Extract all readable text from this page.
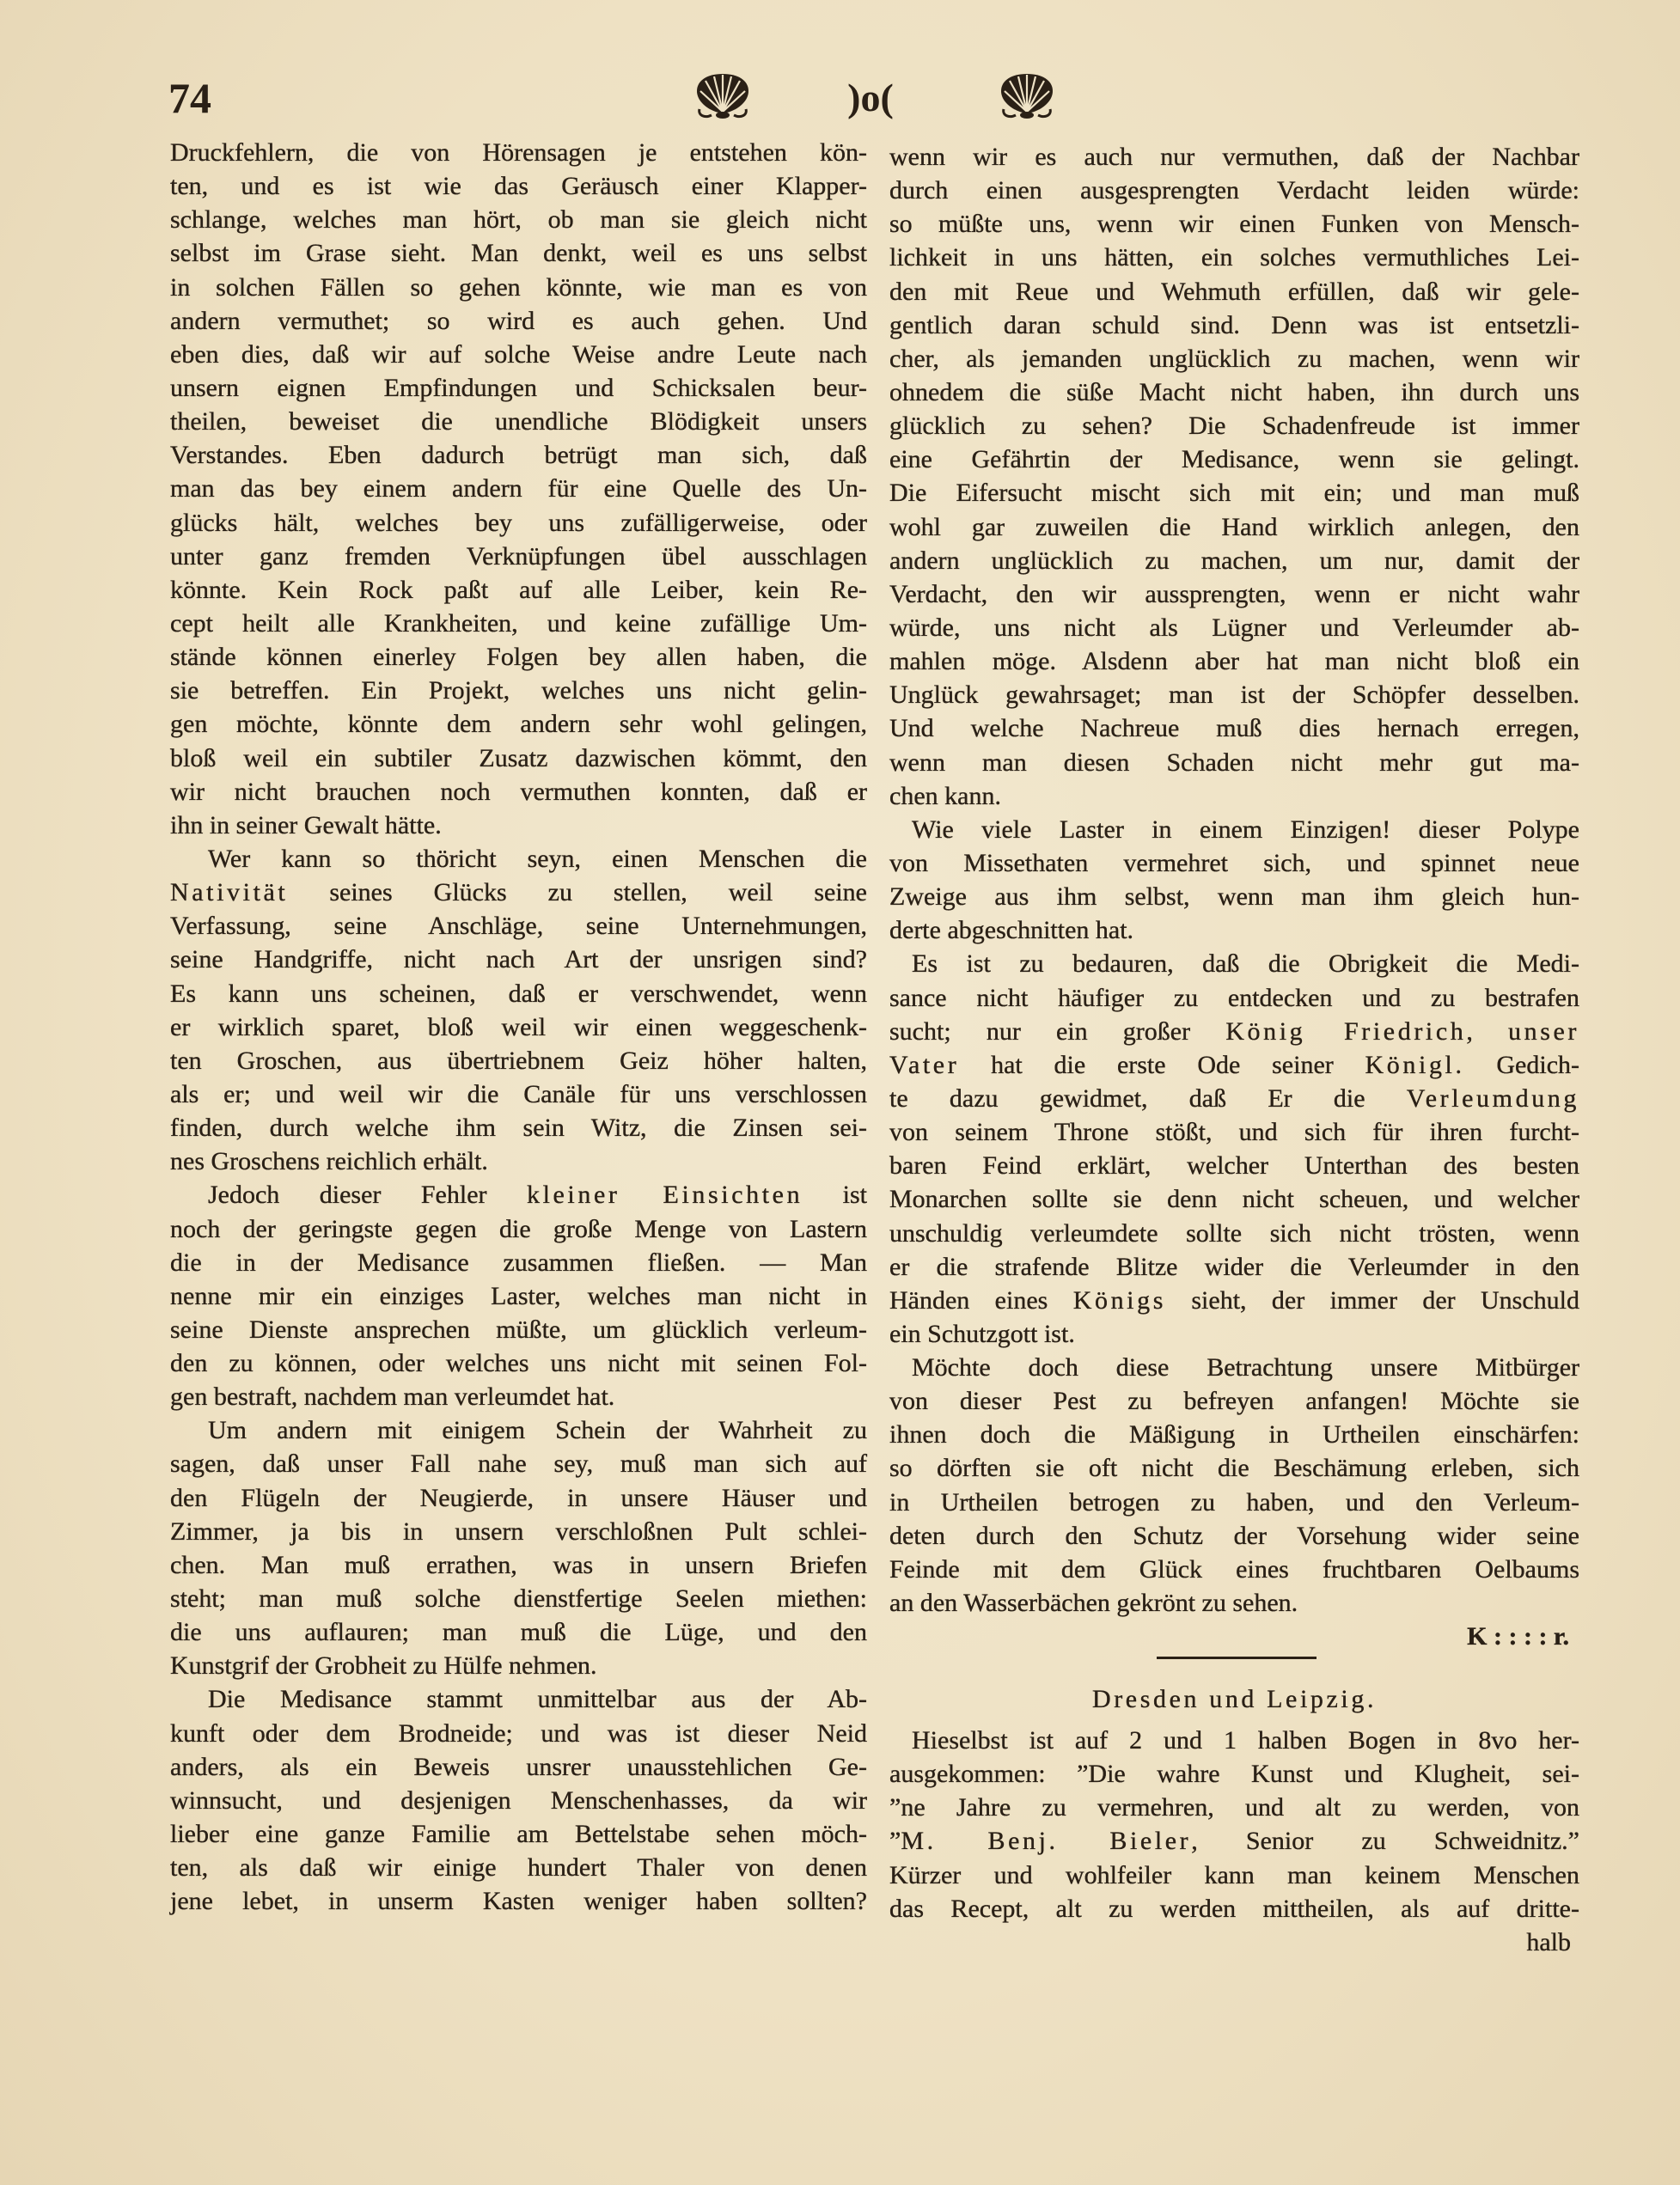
74	)o(
Druckfehlern, die von Hörensagen je entstehen kön-
ten, und es ist wie das Geräusch einer Klapper-
schlange, welches man hört, ob man sie gleich nicht
selbst im Grase sieht. Man denkt, weil es uns selbst
in solchen Fällen so gehen könnte, wie man es von
andern vermuthet; so wird es auch gehen. Und
eben dies, daß wir auf solche Weise andre Leute nach
unsern eignen Empfindungen und Schicksalen beur-
theilen, beweiset die unendliche Blödigkeit unsers
Verstandes. Eben dadurch betrügt man sich, daß
man das bey einem andern für eine Quelle des Un-
glücks hält, welches bey uns zufälligerweise, oder
unter ganz fremden Verknüpfungen übel ausschlagen
könnte. Kein Rock paßt auf alle Leiber, kein Re-
cept heilt alle Krankheiten, und keine zufällige Um-
stände können einerley Folgen bey allen haben, die
sie betreffen. Ein Projekt, welches uns nicht gelin-
gen möchte, könnte dem andern sehr wohl gelingen,
bloß weil ein subtiler Zusatz dazwischen kömmt, den
wir nicht brauchen noch vermuthen konnten, daß er
ihn in seiner Gewalt hätte.
Wer kann so thöricht seyn, einen Menschen die
Nativität seines Glücks zu stellen, weil seine
Verfassung, seine Anschläge, seine Unternehmungen,
seine Handgriffe, nicht nach Art der unsrigen sind?
Es kann uns scheinen, daß er verschwendet, wenn
er wirklich sparet, bloß weil wir einen weggeschenk-
ten Groschen, aus übertriebnem Geiz höher halten,
als er; und weil wir die Canäle für uns verschlossen
finden, durch welche ihm sein Witz, die Zinsen sei-
nes Groschens reichlich erhält.
Jedoch dieser Fehler kleiner Einsichten ist
noch der geringste gegen die große Menge von Lastern
die in der Medisance zusammen fließen. — Man
nenne mir ein einziges Laster, welches man nicht in
seine Dienste ansprechen müßte, um glücklich verleum-
den zu können, oder welches uns nicht mit seinen Fol-
gen bestraft, nachdem man verleumdet hat.
Um andern mit einigem Schein der Wahrheit zu
sagen, daß unser Fall nahe sey, muß man sich auf
den Flügeln der Neugierde, in unsere Häuser und
Zimmer, ja bis in unsern verschloßnen Pult schlei-
chen. Man muß errathen, was in unsern Briefen
steht; man muß solche dienstfertige Seelen miethen:
die uns auflauren; man muß die Lüge, und den
Kunstgrif der Grobheit zu Hülfe nehmen.
Die Medisance stammt unmittelbar aus der Ab-
kunft oder dem Brodneide; und was ist dieser Neid
anders, als ein Beweis unsrer unausstehlichen Ge-
winnsucht, und desjenigen Menschenhasses, da wir
lieber eine ganze Familie am Bettelstabe sehen möch-
ten, als daß wir einige hundert Thaler von denen
jene lebet, in unserm Kasten weniger haben sollten?
wenn wir es auch nur vermuthen, daß der Nachbar
durch einen ausgesprengten Verdacht leiden würde:
so müßte uns, wenn wir einen Funken von Mensch-
lichkeit in uns hätten, ein solches vermuthliches Lei-
den mit Reue und Wehmuth erfüllen, daß wir gele-
gentlich daran schuld sind. Denn was ist entsetzli-
cher, als jemanden unglücklich zu machen, wenn wir
ohnedem die süße Macht nicht haben, ihn durch uns
glücklich zu sehen? Die Schadenfreude ist immer
eine Gefährtin der Medisance, wenn sie gelingt.
Die Eifersucht mischt sich mit ein; und man muß
wohl gar zuweilen die Hand wirklich anlegen, den
andern unglücklich zu machen, um nur, damit der
Verdacht, den wir aussprengten, wenn er nicht wahr
würde, uns nicht als Lügner und Verleumder ab-
mahlen möge. Alsdenn aber hat man nicht bloß ein
Unglück gewahrsaget; man ist der Schöpfer desselben.
Und welche Nachreue muß dies hernach erregen,
wenn man diesen Schaden nicht mehr gut ma-
chen kann.
Wie viele Laster in einem Einzigen! dieser Polype
von Missethaten vermehret sich, und spinnet neue
Zweige aus ihm selbst, wenn man ihm gleich hun-
derte abgeschnitten hat.
Es ist zu bedauren, daß die Obrigkeit die Medi-
sance nicht häufiger zu entdecken und zu bestrafen
sucht; nur ein großer König Friedrich, unser
Vater hat die erste Ode seiner Königl. Gedich-
te dazu gewidmet, daß Er die Verleumdung
von seinem Throne stößt, und sich für ihren furcht-
baren Feind erklärt, welcher Unterthan des besten
Monarchen sollte sie denn nicht scheuen, und welcher
unschuldig verleumdete sollte sich nicht trösten, wenn
er die strafende Blitze wider die Verleumder in den
Händen eines Königs sieht, der immer der Unschuld
ein Schutzgott ist.
Möchte doch diese Betrachtung unsere Mitbürger
von dieser Pest zu befreyen anfangen! Möchte sie
ihnen doch die Mäßigung in Urtheilen einschärfen:
so dörften sie oft nicht die Beschämung erleben, sich
in Urtheilen betrogen zu haben, und den Verleum-
deten durch den Schutz der Vorsehung wider seine
Feinde mit dem Glück eines fruchtbaren Oelbaums
an den Wasserbächen gekrönt zu sehen.
K : : : : r.
Dresden und Leipzig.
Hieselbst ist auf 2 und 1 halben Bogen in 8vo her-
ausgekommen: ”Die wahre Kunst und Klugheit, sei-
”ne Jahre zu vermehren, und alt zu werden, von
”M. Benj. Bieler, Senior zu Schweidnitz.”
Kürzer und wohlfeiler kann man keinem Menschen
das Recept, alt zu werden mittheilen, als auf dritte-
halb
